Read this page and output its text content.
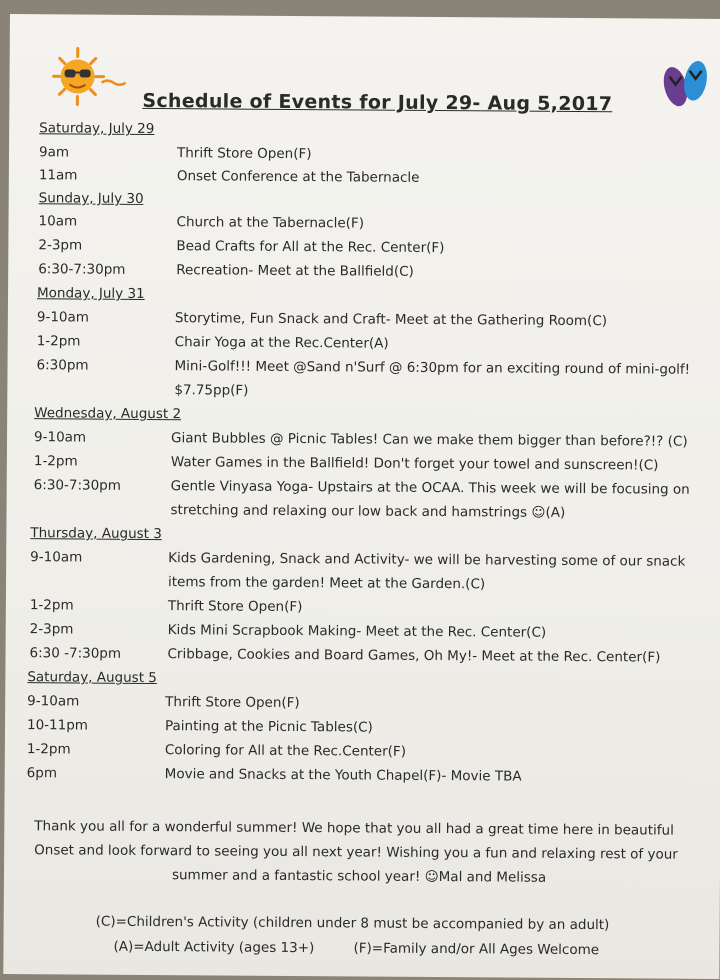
Schedule of Events for July 29- Aug 5,2017
Saturday, July 29
9am	Thrift Store Open(F)
11am	Onset Conference at the Tabernacle
Sunday, July 30
10am	Church at the Tabernacle(F)
2-3pm	Bead Crafts for All at the Rec. Center(F)
6:30-7:30pm	Recreation- Meet at the Ballfield(C)
Monday, July 31
9-10am	Storytime, Fun Snack and Craft- Meet at the Gathering Room(C)
1-2pm	Chair Yoga at the Rec.Center(A)
6:30pm	Mini-Golf!!! Meet @Sand n'Surf @ 6:30pm for an exciting round of mini-golf!
$7.75pp(F)
Wednesday, August 2
9-10am	Giant Bubbles @ Picnic Tables! Can we make them bigger than before?!? (C)
1-2pm	Water Games in the Ballfield! Don't forget your towel and sunscreen!(C)
6:30-7:30pm	Gentle Vinyasa Yoga- Upstairs at the OCAA. This week we will be focusing on
stretching and relaxing our low back and hamstrings ☺(A)
Thursday, August 3
9-10am	Kids Gardening, Snack and Activity- we will be harvesting some of our snack
items from the garden! Meet at the Garden.(C)
1-2pm	Thrift Store Open(F)
2-3pm	Kids Mini Scrapbook Making- Meet at the Rec. Center(C)
6:30 -7:30pm	Cribbage, Cookies and Board Games, Oh My!- Meet at the Rec. Center(F)
Saturday, August 5
9-10am	Thrift Store Open(F)
10-11pm	Painting at the Picnic Tables(C)
1-2pm	Coloring for All at the Rec.Center(F)
6pm	Movie and Snacks at the Youth Chapel(F)- Movie TBA
Thank you all for a wonderful summer! We hope that you all had a great time here in beautiful
Onset and look forward to seeing you all next year! Wishing you a fun and relaxing rest of your
summer and a fantastic school year! ☺Mal and Melissa
(C)=Children's Activity (children under 8 must be accompanied by an adult)
(A)=Adult Activity (ages 13+)	(F)=Family and/or All Ages Welcome
